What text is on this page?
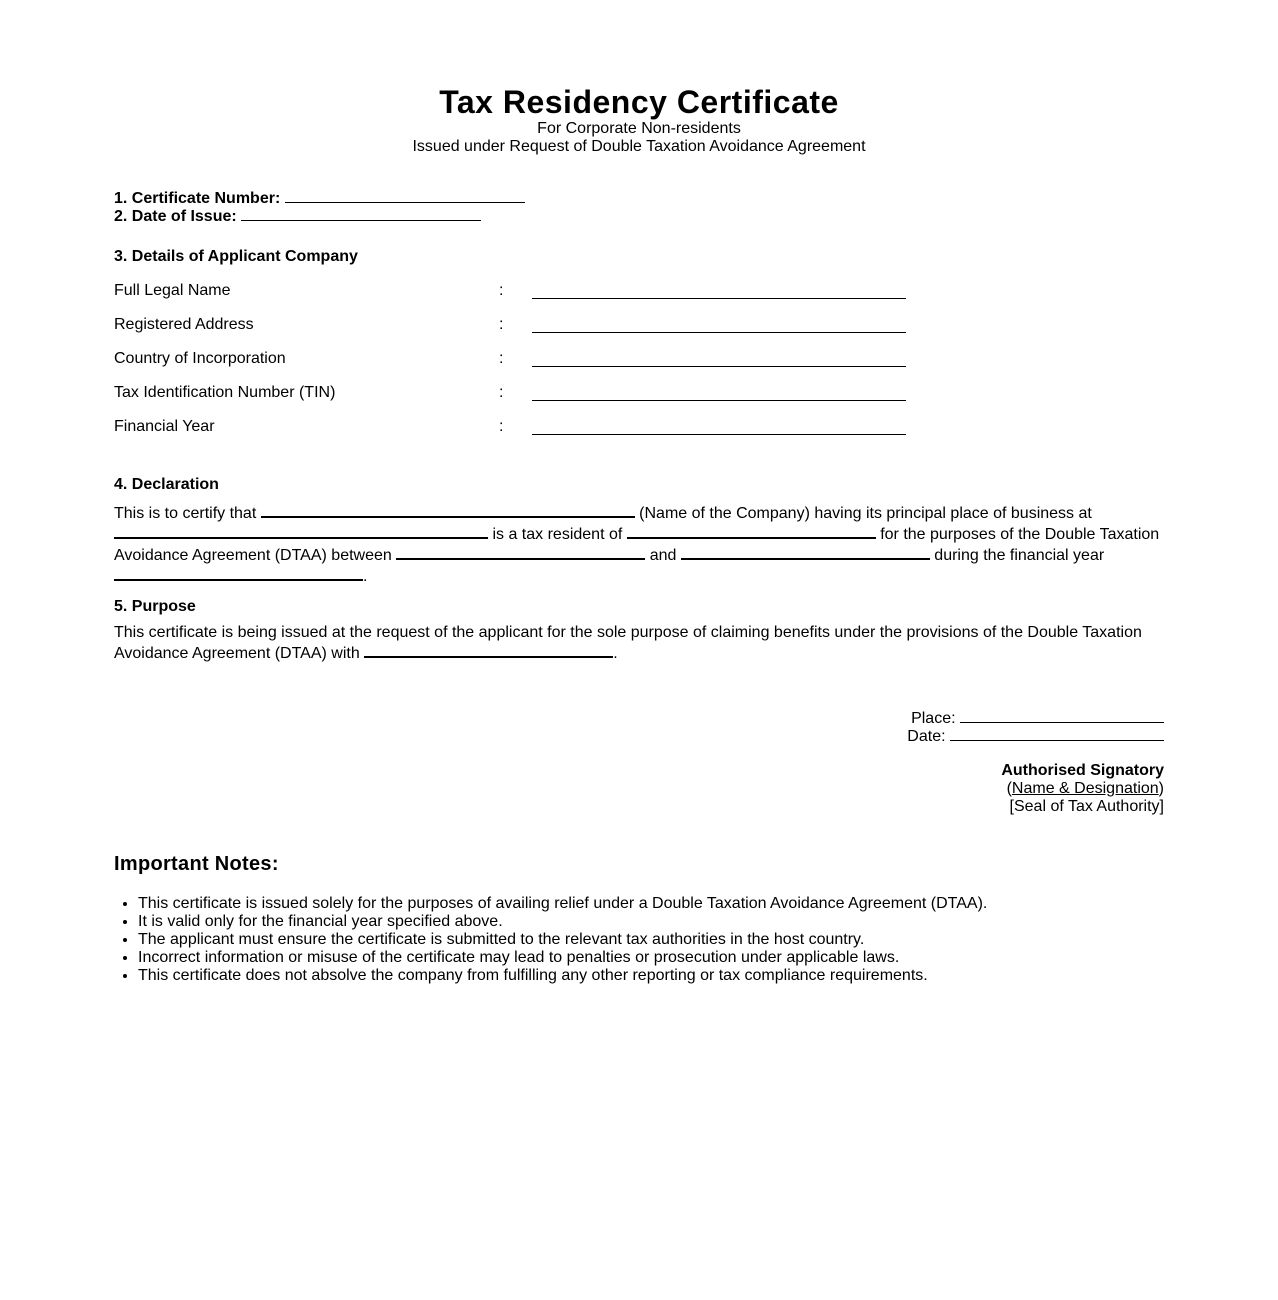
Tax Residency Certificate
For Corporate Non-residents
Issued under Request of Double Taxation Avoidance Agreement
1. Certificate Number:
2. Date of Issue:
3. Details of Applicant Company
Full Legal Name	:
Registered Address	:
Country of Incorporation	:
Tax Identification Number (TIN)	:
Financial Year	:
4. Declaration
This is to certify that	(Name of the Company) having its principal place of business at  is a tax resident of	for the purposes of the Double Taxation Avoidance Agreement (DTAA) between	and	during the financial year .
5. Purpose
This certificate is being issued at the request of the applicant for the sole purpose of claiming benefits under the provisions of the Double Taxation Avoidance Agreement (DTAA) with	.
Place:
Date:
Authorised Signatory
(Name & Designation)
[Seal of Tax Authority]
Important Notes:
• This certificate is issued solely for the purposes of availing relief under a Double Taxation Avoidance Agreement (DTAA).
• It is valid only for the financial year specified above.
• The applicant must ensure the certificate is submitted to the relevant tax authorities in the host country.
• Incorrect information or misuse of the certificate may lead to penalties or prosecution under applicable laws.
• This certificate does not absolve the company from fulfilling any other reporting or tax compliance requirements.
